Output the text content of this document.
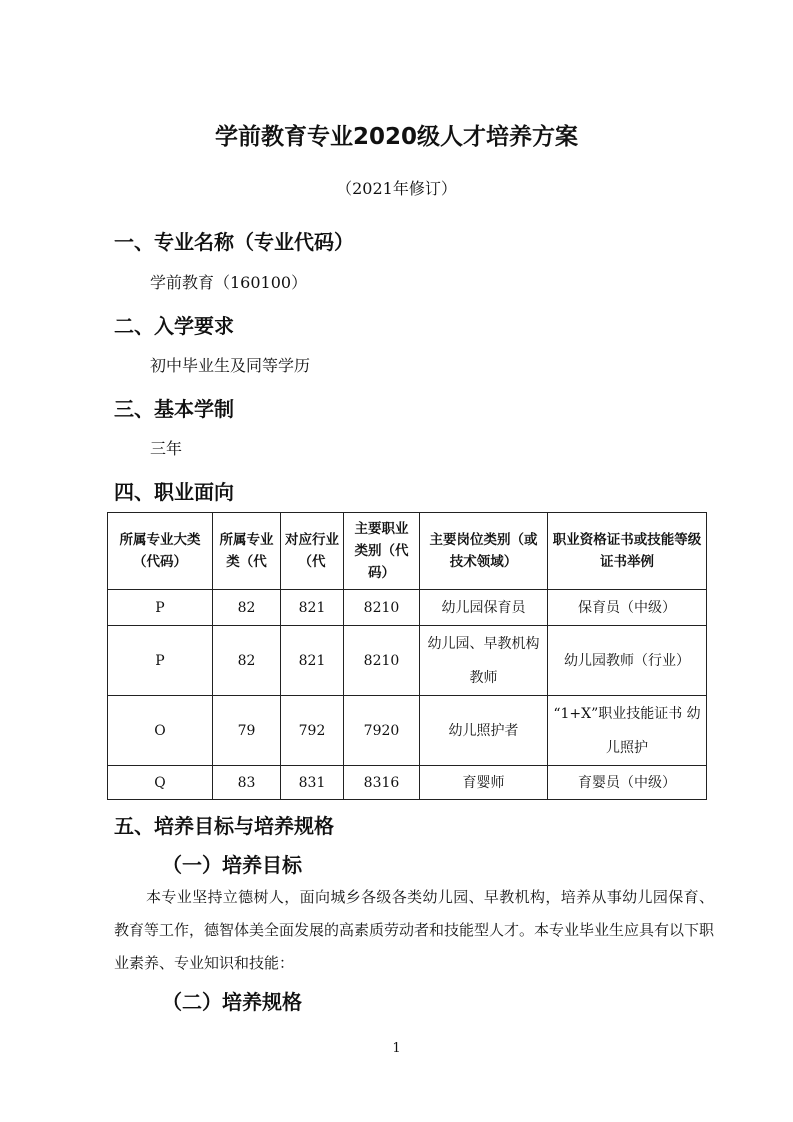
学前教育专业2020级人才培养方案
（2021年修订）
一、专业名称（专业代码）
学前教育（160100）
二、入学要求
初中毕业生及同等学历
三、基本学制
三年
四、职业面向
所属专业大类（代码）	所属专业类（代	对应行业（代	主要职业类别（代码）	主要岗位类别（或技术领域）	职业资格证书或技能等级证书举例
P	82	821	8210	幼儿园保育员	保育员（中级）
P	82	821	8210	幼儿园、早教机构教师	幼儿园教师（行业）
O	79	792	7920	幼儿照护者	“1+X”职业技能证书 幼儿照护
Q	83	831	8316	育婴师	育婴员（中级）
五、培养目标与培养规格
（一）培养目标
本专业坚持立德树人，面向城乡各级各类幼儿园、早教机构，培养从事幼儿园保育、教育等工作，德智体美全面发展的高素质劳动者和技能型人才。本专业毕业生应具有以下职业素养、专业知识和技能：
（二）培养规格
1
